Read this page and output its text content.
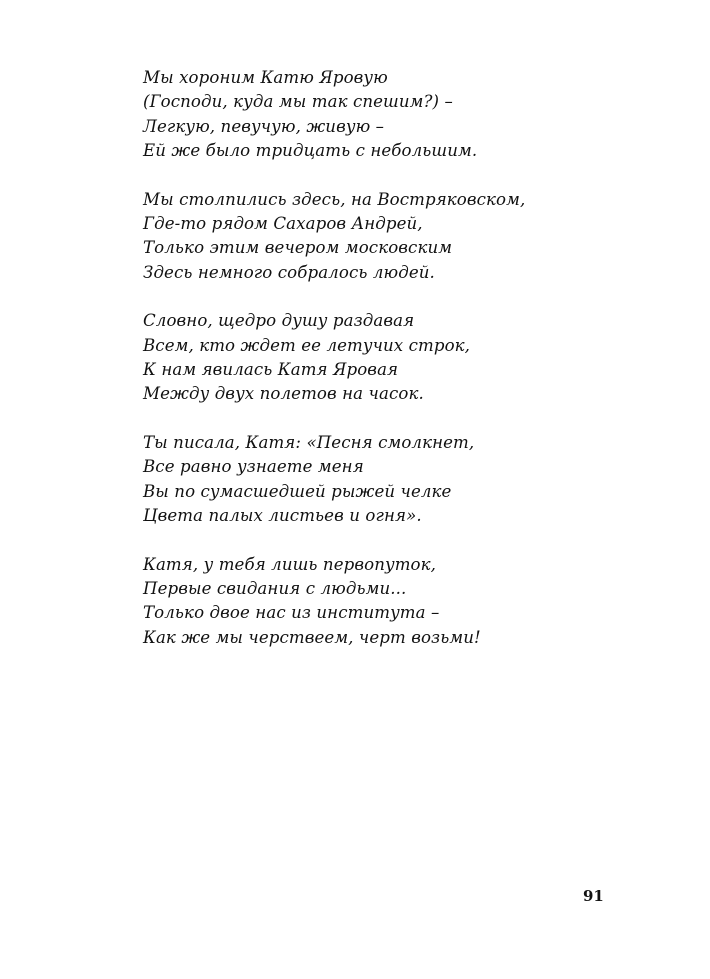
Мы хороним Катю Яровую
(Господи, куда мы так спешим?) –
Легкую, певучую, живую –
Ей же было тридцать с небольшим.
Мы столпились здесь, на Востряковском,
Где-то рядом Сахаров Андрей,
Только этим вечером московским
Здесь немного собралось людей.
Словно, щедро душу раздавая
Всем, кто ждет ее летучих строк,
К нам явилась Катя Яровая
Между двух полетов на часок.
Ты писала, Катя: «Песня смолкнет,
Все равно узнаете меня
Вы по сумасшедшей рыжей челке
Цвета палых листьев и огня».
Катя, у тебя лишь первопуток,
Первые свидания с людьми...
Только двое нас из института –
Как же мы черствеем, черт возьми!
91
